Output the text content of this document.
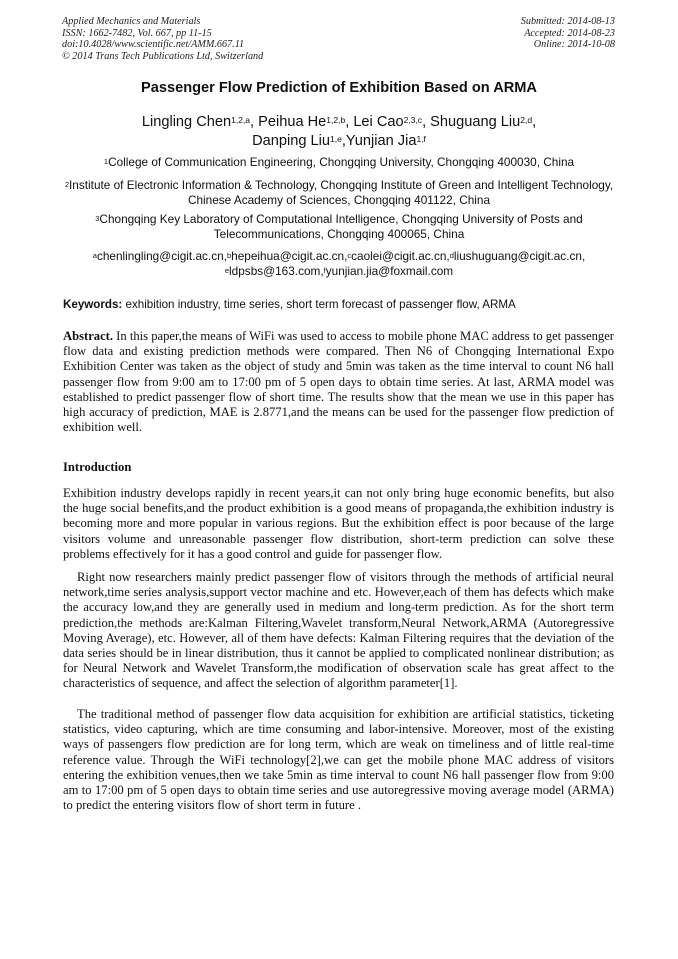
Applied Mechanics and Materials
ISSN: 1662-7482, Vol. 667, pp 11-15
doi:10.4028/www.scientific.net/AMM.667.11
© 2014 Trans Tech Publications Ltd, Switzerland
Submitted: 2014-08-13
Accepted: 2014-08-23
Online: 2014-10-08
Passenger Flow Prediction of Exhibition Based on ARMA
Lingling Chen$^{1,2,a}$, Peihua He$^{1,2,b}$, Lei Cao$^{2,3,c}$, Shuguang Liu$^{2,d}$,
Danping Liu$^{1,e}$,Yunjian Jia$^{1,f}$
$^1$College of Communication Engineering, Chongqing University, Chongqing 400030, China
$^2$Institute of Electronic Information & Technology, Chongqing Institute of Green and Intelligent Technology, Chinese Academy of Sciences, Chongqing 401122, China
$^3$Chongqing Key Laboratory of Computational Intelligence, Chongqing University of Posts and Telecommunications, Chongqing 400065, China
$^a$chenlingling@cigit.ac.cn,$^b$hepeihua@cigit.ac.cn,$^c$caolei@cigit.ac.cn,$^d$liushuguang@cigit.ac.cn,
$^e$ldpsbs@163.com,$^f$yunjian.jia@foxmail.com
Keywords: exhibition industry, time series, short term forecast of passenger flow, ARMA
Abstract. In this paper,the means of WiFi was used to access to mobile phone MAC address to get passenger flow data and existing prediction methods were compared. Then N6 of Chongqing International Expo Exhibition Center was taken as the object of study and 5min was taken as the time interval to count N6 hall passenger flow from 9:00 am to 17:00 pm of 5 open days to obtain time series. At last, ARMA model was established to predict passenger flow of short time. The results show that the mean we use in this paper has high accuracy of prediction, MAE is 2.8771,and the means can be used for the passenger flow prediction of exhibition well.
Introduction
Exhibition industry develops rapidly in recent years,it can not only bring huge economic benefits, but also the huge social benefits,and the product exhibition is a good means of propaganda,the exhibition industry is becoming more and more popular in various regions. But the exhibition effect is poor because of the large visitors volume and unreasonable passenger flow distribution, short-term prediction can solve these problems effectively for it has a good control and guide for passenger flow.
Right now researchers mainly predict passenger flow of visitors through the methods of artificial neural network,time series analysis,support vector machine and etc. However,each of them has defects which make the accuracy low,and they are generally used in medium and long-term prediction. As for the short term prediction,the methods are:Kalman Filtering,Wavelet transform,Neural Network,ARMA (Autoregressive Moving Average), etc. However, all of them have defects: Kalman Filtering requires that the deviation of the data series should be in linear distribution, thus it cannot be applied to complicated nonlinear distribution; as for Neural Network and Wavelet Transform,the modification of observation scale has great affect to the characteristics of sequence, and affect the selection of algorithm parameter[1].
The traditional method of passenger flow data acquisition for exhibition are artificial statistics, ticketing statistics, video capturing, which are time consuming and labor-intensive. Moreover, most of the existing ways of passengers flow prediction are for long term, which are weak on timeliness and of little real-time reference value. Through the WiFi technology[2],we can get the mobile phone MAC address of visitors entering the exhibition venues,then we take 5min as time interval to count N6 hall passenger flow from 9:00 am to 17:00 pm of 5 open days to obtain time series and use autoregressive moving average model (ARMA) to predict the entering visitors flow of short term in future .
